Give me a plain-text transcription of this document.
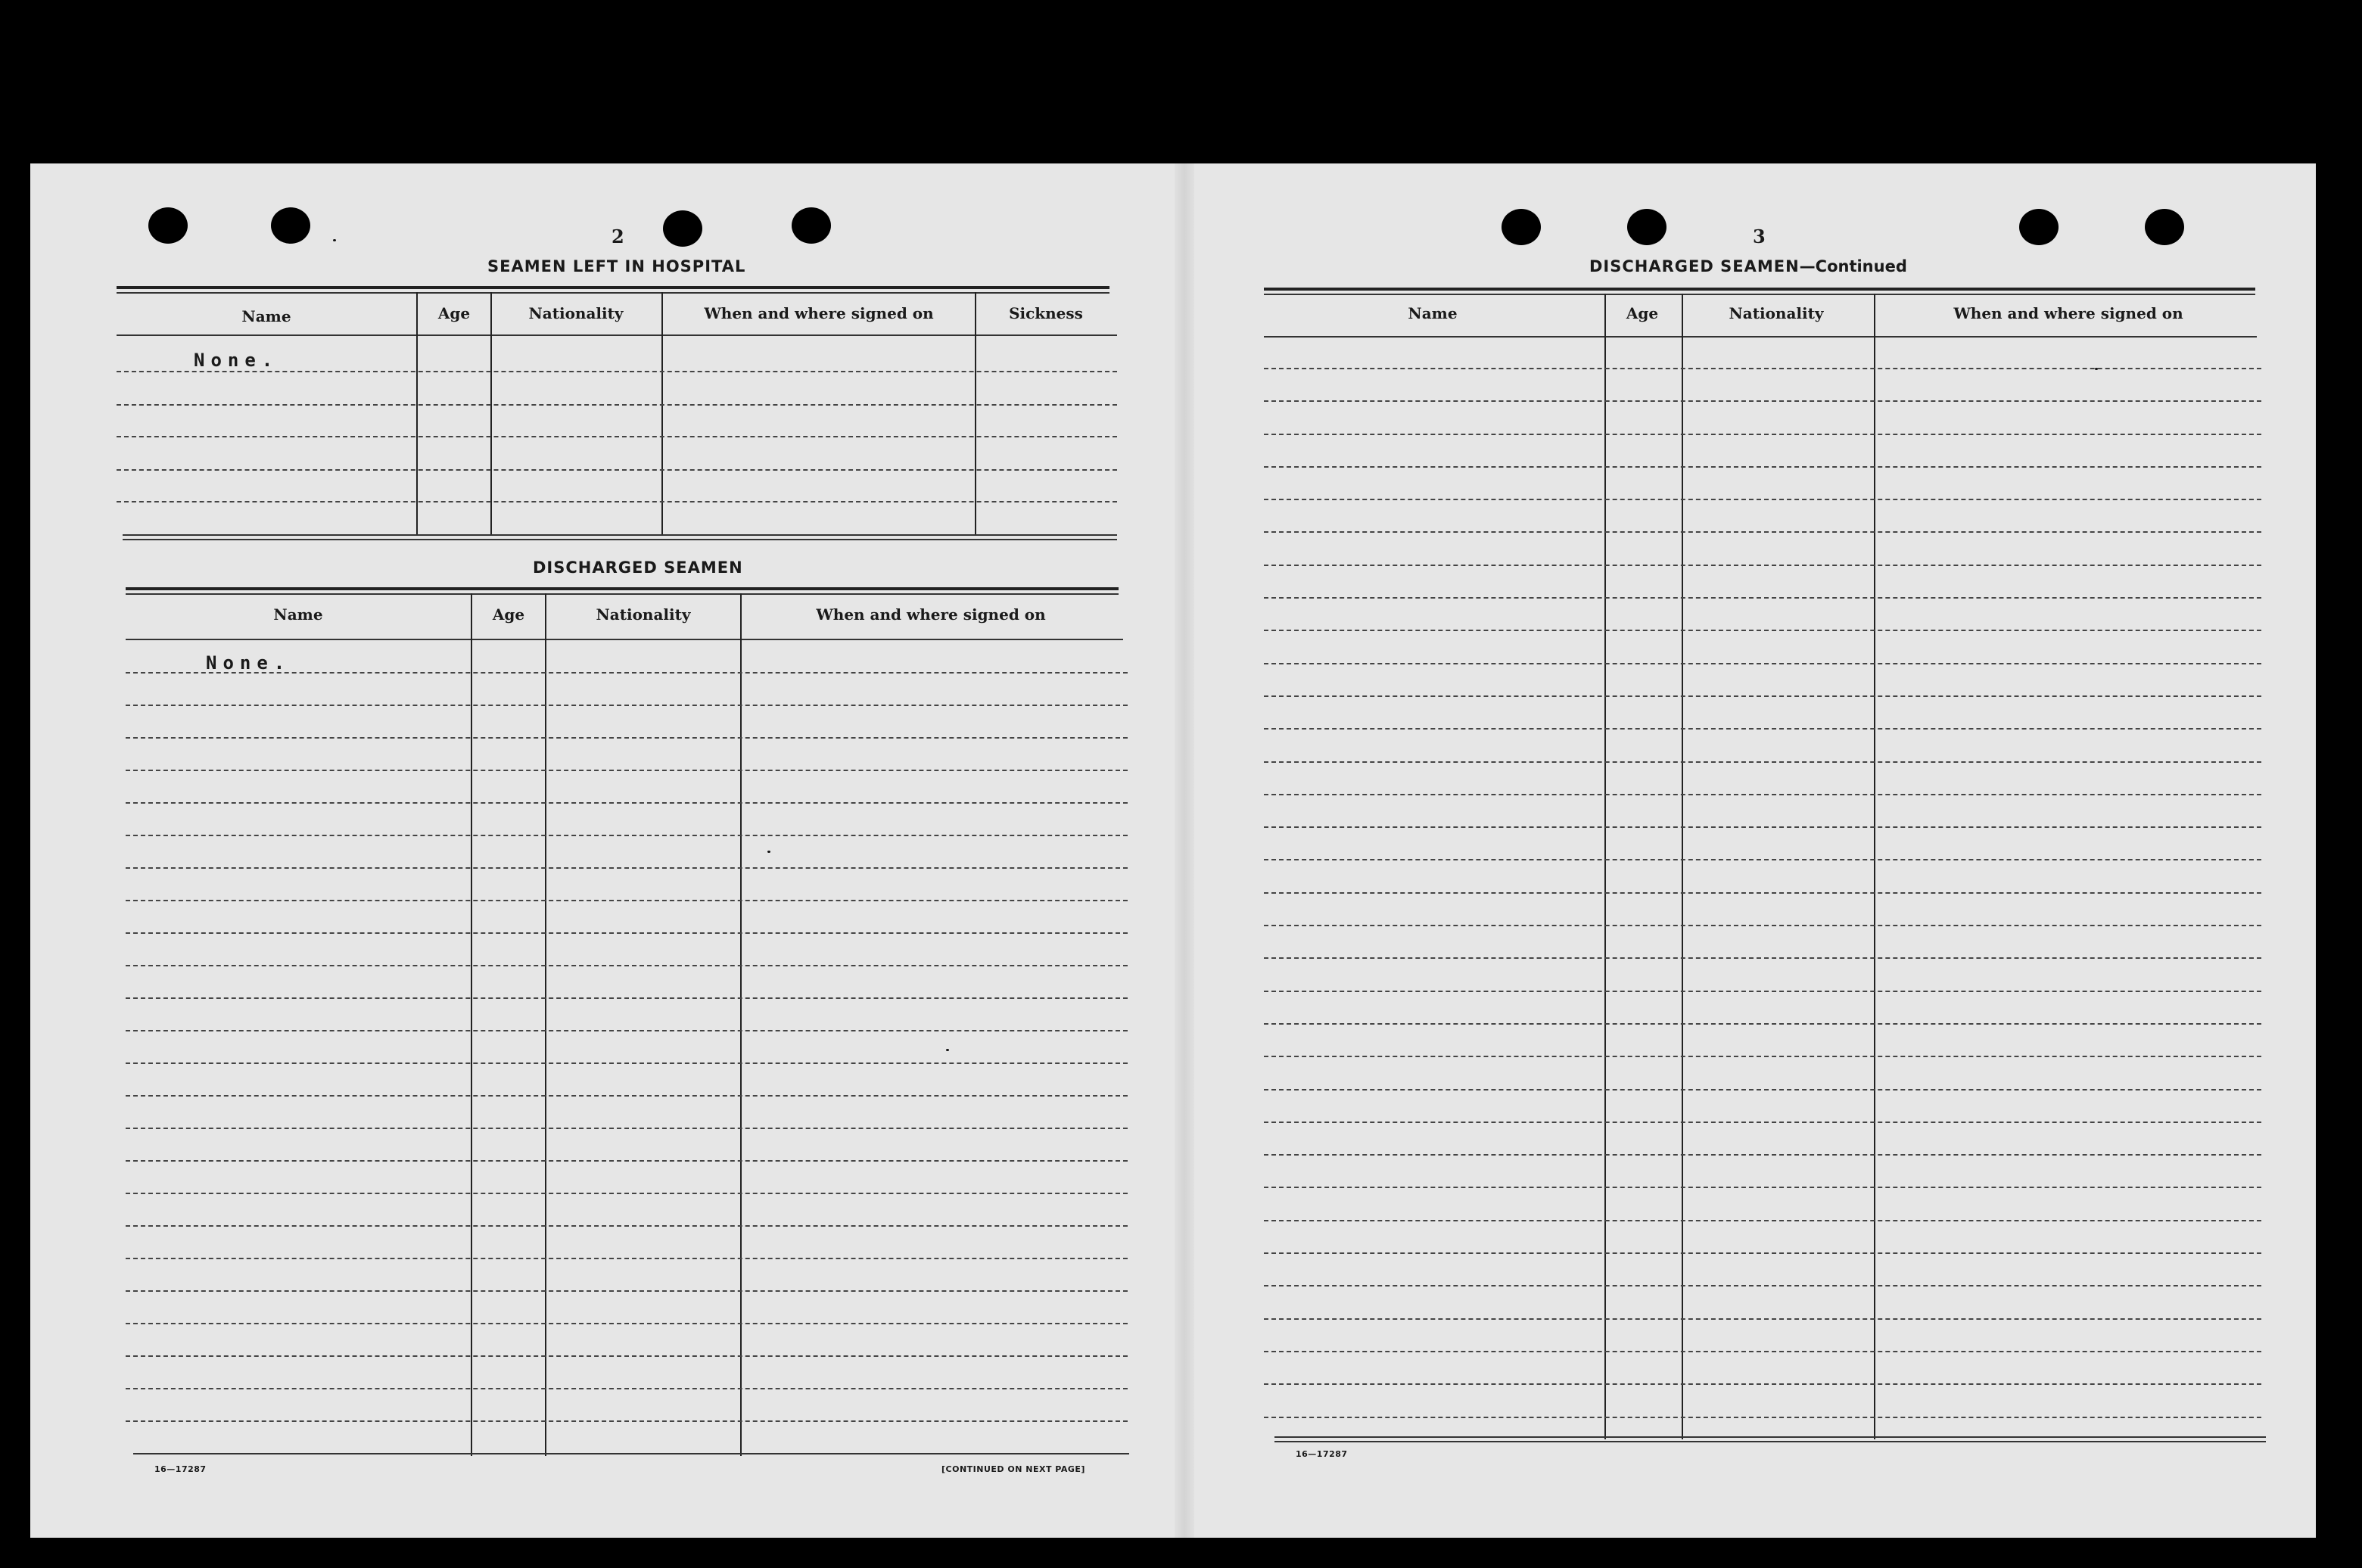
2
SEAMEN LEFT IN HOSPITAL
Name	Age	Nationality	When and where signed on	Sickness
None.
DISCHARGED SEAMEN
Name	Age	Nationality	When and where signed on
None.
16—17287	[CONTINUED ON NEXT PAGE]
3
DISCHARGED SEAMEN—Continued
Name	Age	Nationality	When and where signed on
16—17287
